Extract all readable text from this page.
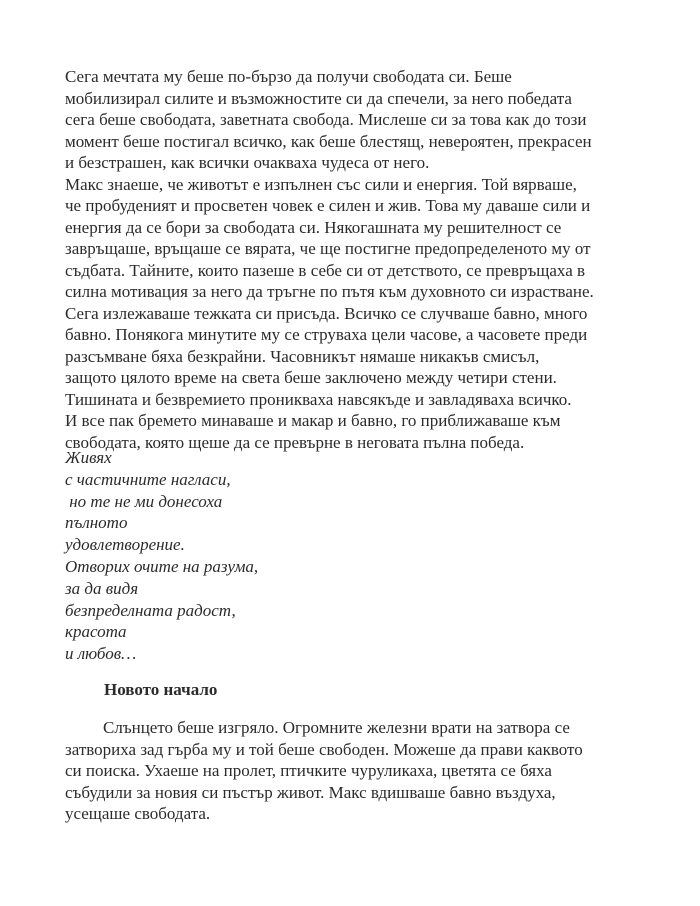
Сега мечтата му беше по-бързо да получи свободата си. Беше
мобилизирал силите и възможностите си да спечели, за него победата
сега беше свободата, заветната свобода. Мислеше си за това как до този
момент беше постигал всичко, как беше блестящ, невероятен, прекрасен
и безстрашен, как всички очакваха чудеса от него.
Макс знаеше, че животът е изпълнен със сили и енергия. Той вярваше,
че пробуденият и просветен човек е силен и жив. Това му даваше сили и
енергия да се бори за свободата си. Някогашната му решителност се
завръщаше, връщаше се вярата, че ще постигне предопределеното му от
съдбата. Тайните, които пазеше в себе си от детството, се превръщаха в
силна мотивация за него да тръгне по пътя към духовното си израстване.
Сега излежаваше тежката си присъда. Всичко се случваше бавно, много
бавно. Понякога минутите му се струваха цели часове, а часовете преди
разсъмване бяха безкрайни. Часовникът нямаше никакъв смисъл,
защото цялото време на света беше заключено между четири стени.
Тишината и безвремието проникваха навсякъде и завладяваха всичко.
И все пак бремето минаваше и макар и бавно, го приближаваше към
свободата, която щеше да се превърне в неговата пълна победа.
Живях
с частичните нагласи,
но те не ми донесоха
пълното
удовлетворение.
Отворих очите на разума,
за да видя
безпределната радост,
красота
и любов…
Новото начало
Слънцето беше изгряло. Огромните железни врати на затвора се
затвориха зад гърба му и той беше свободен. Можеше да прави каквото
си поиска. Ухаеше на пролет, птичките чуруликаха, цветята се бяха
събудили за новия си пъстър живот. Макс вдишваше бавно въздуха,
усещаше свободата.
